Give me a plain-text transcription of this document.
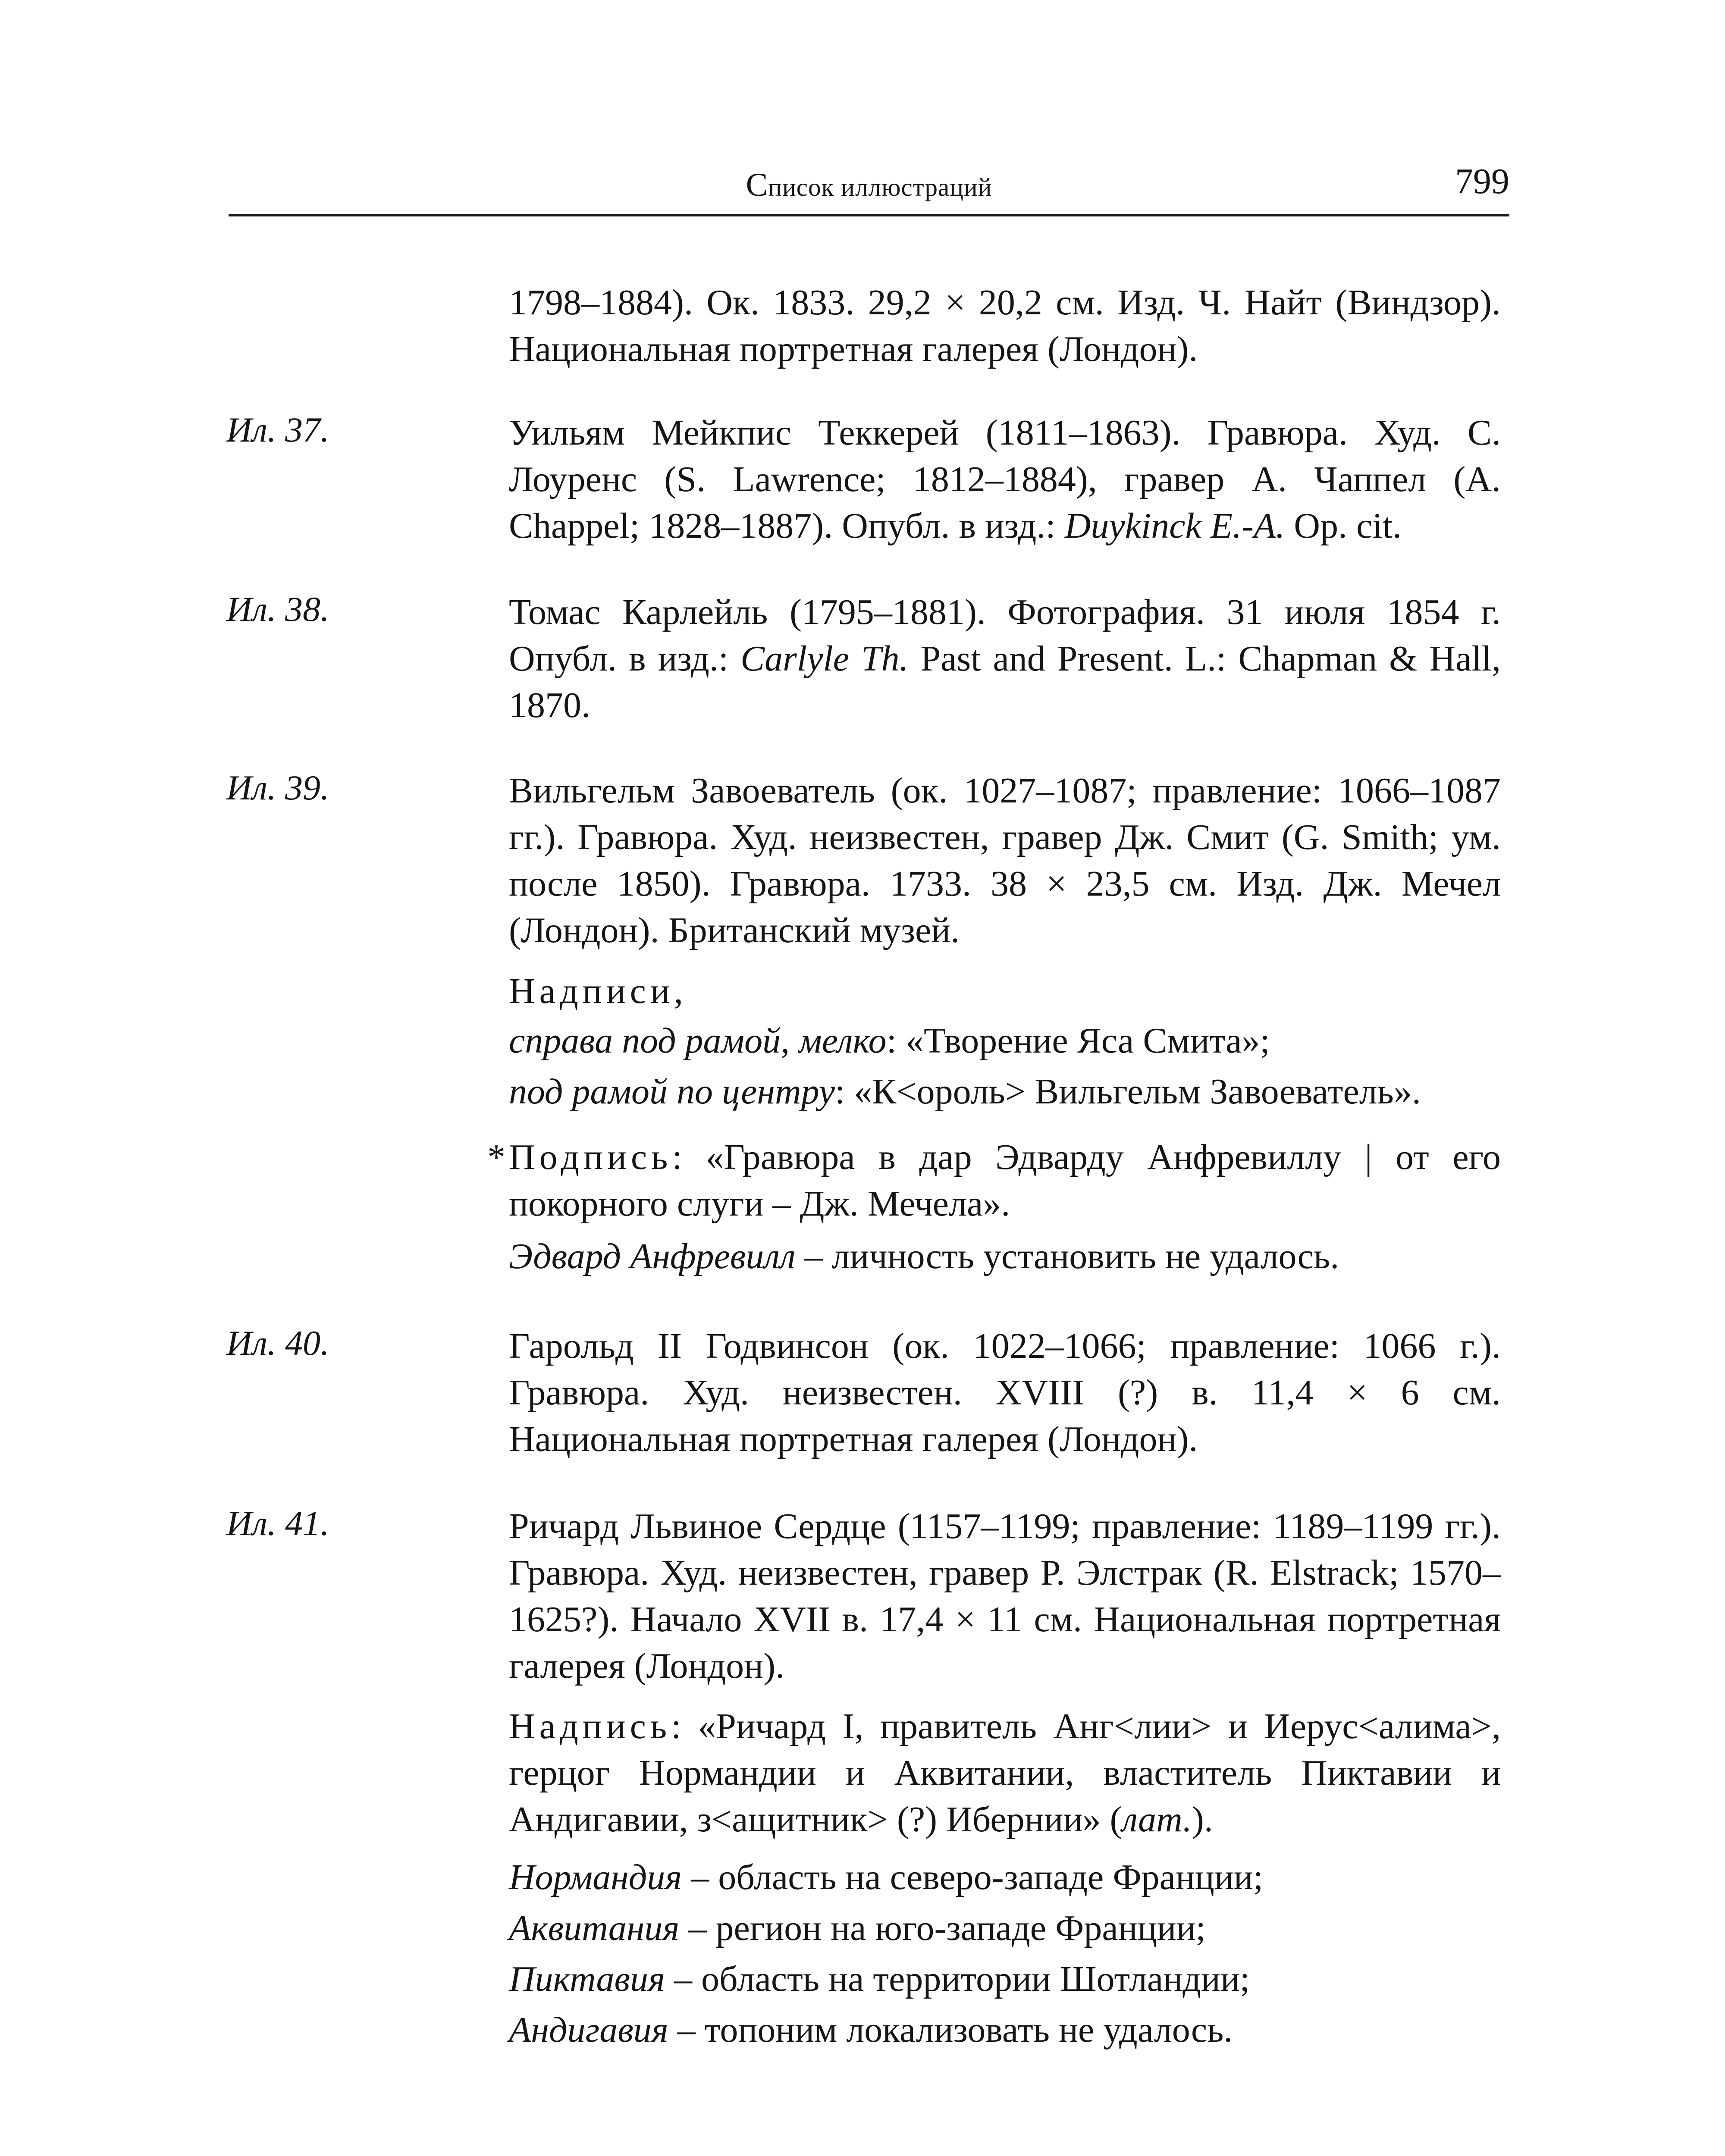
Список иллюстраций	799

1798–1884). Ок. 1833. 29,2 × 20,2 см. Изд. Ч. Найт (Виндзор). Национальная портретная галерея (Лондон).

Ил. 37.	Уильям Мейкпис Теккерей (1811–1863). Гравюра. Худ. С. Лоуренс (S. Lawrence; 1812–1884), гравер А. Чаппел (A. Chappel; 1828–1887). Опубл. в изд.: Duykinck E.-A. Op. cit.

Ил. 38.	Томас Карлейль (1795–1881). Фотография. 31 июля 1854 г. Опубл. в изд.: Carlyle Th. Past and Present. L.: Chapman & Hall, 1870.

Ил. 39.	Вильгельм Завоеватель (ок. 1027–1087; правление: 1066–1087 гг.). Гравюра. Худ. неизвестен, гравер Дж. Смит (G. Smith; ум. после 1850). Гравюра. 1733. 38 × 23,5 см. Изд. Дж. Мечел (Лондон). Британский музей.

Надписи,

справа под рамой, мелко: «Творение Яса Смита»;

под рамой по центру: «К<ороль> Вильгельм Завоеватель».

* Подпись: «Гравюра в дар Эдварду Анфревиллу | от его покорного слуги – Дж. Мечела».

Эдвард Анфревилл – личность установить не удалось.

Ил. 40.	Гарольд II Годвинсон (ок. 1022–1066; правление: 1066 г.). Гравюра. Худ. неизвестен. XVIII (?) в. 11,4 × 6 см. Национальная портретная галерея (Лондон).

Ил. 41.	Ричард Львиное Сердце (1157–1199; правление: 1189–1199 гг.). Гравюра. Худ. неизвестен, гравер Р. Элстрак (R. Elstrack; 1570–1625?). Начало XVII в. 17,4 × 11 см. Национальная портретная галерея (Лондон).

Надпись: «Ричард I, правитель Анг<лии> и Иерус<алима>, герцог Нормандии и Аквитании, властитель Пиктавии и Андигавии, з<ащитник> (?) Ибернии» (лат.).

Нормандия – область на северо-западе Франции;

Аквитания – регион на юго-западе Франции;

Пиктавия – область на территории Шотландии;

Андигавия – топоним локализовать не удалось.
